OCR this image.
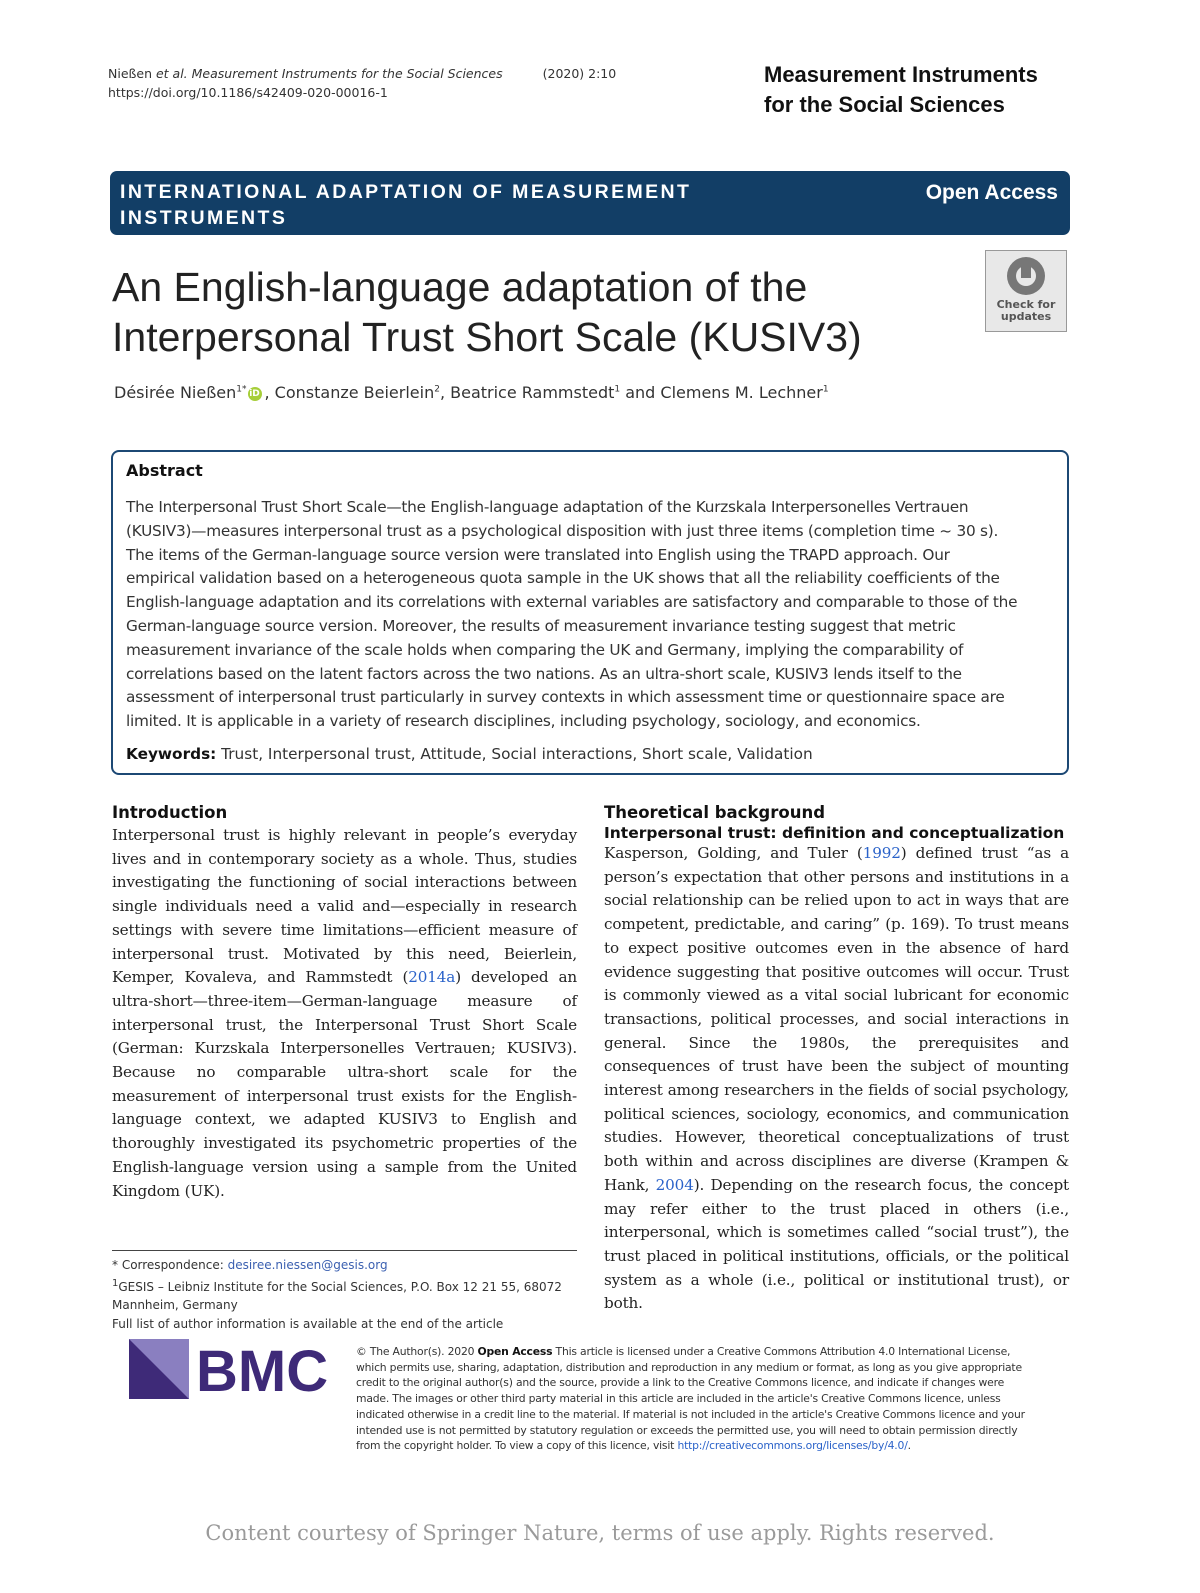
Nießen et al. Measurement Instruments for the Social Sciences	(2020) 2:10
https://doi.org/10.1186/s42409-020-00016-1
Measurement Instruments
for the Social Sciences
INTERNATIONAL ADAPTATION OF MEASUREMENT INSTRUMENTS
Open Access
An English-language adaptation of the
Interpersonal Trust Short Scale (KUSIV3)
Check for
updates
Désirée Nießen$^{1*}$ iD , Constanze Beierlein$^2$, Beatrice Rammstedt$^1$ and Clemens M. Lechner$^1$
Abstract
The Interpersonal Trust Short Scale—the English-language adaptation of the Kurzskala Interpersonelles Vertrauen
(KUSIV3)—measures interpersonal trust as a psychological disposition with just three items (completion time ~ 30 s).
The items of the German-language source version were translated into English using the TRAPD approach. Our
empirical validation based on a heterogeneous quota sample in the UK shows that all the reliability coefficients of the
English-language adaptation and its correlations with external variables are satisfactory and comparable to those of the
German-language source version. Moreover, the results of measurement invariance testing suggest that metric
measurement invariance of the scale holds when comparing the UK and Germany, implying the comparability of
correlations based on the latent factors across the two nations. As an ultra-short scale, KUSIV3 lends itself to the
assessment of interpersonal trust particularly in survey contexts in which assessment time or questionnaire space are
limited. It is applicable in a variety of research disciplines, including psychology, sociology, and economics.
Keywords: Trust, Interpersonal trust, Attitude, Social interactions, Short scale, Validation
Introduction
Interpersonal trust is highly relevant in people’s everyday lives and in contemporary society as a whole. Thus, studies investigating the functioning of social interactions between single individuals need a valid and—especially in research settings with severe time limitations—efficient measure of interpersonal trust. Motivated by this need, Beierlein, Kemper, Kovaleva, and Rammstedt (2014a) developed an ultra-short—three-item—German-language measure of interpersonal trust, the Interpersonal Trust Short Scale (German: Kurzskala Interpersonelles Vertrauen; KUSIV3). Because no comparable ultra-short scale for the measurement of interpersonal trust exists for the English-language context, we adapted KUSIV3 to English and thoroughly investigated its psychometric properties of the English-language version using a sample from the United Kingdom (UK).
Theoretical background
Interpersonal trust: definition and conceptualization
Kasperson, Golding, and Tuler (1992) defined trust “as a person’s expectation that other persons and institutions in a social relationship can be relied upon to act in ways that are competent, predictable, and caring” (p. 169). To trust means to expect positive outcomes even in the absence of hard evidence suggesting that positive outcomes will occur. Trust is commonly viewed as a vital social lubricant for economic transactions, political processes, and social interactions in general. Since the 1980s, the prerequisites and consequences of trust have been the subject of mounting interest among researchers in the fields of social psychology, political sciences, sociology, economics, and communication studies. However, theoretical conceptualizations of trust both within and across disciplines are diverse (Krampen & Hank, 2004). Depending on the research focus, the concept may refer either to the trust placed in others (i.e., interpersonal, which is sometimes called “social trust”), the trust placed in political institutions, officials, or the political system as a whole (i.e., political or institutional trust), or both.
* Correspondence: desiree.niessen@gesis.org
$^1$GESIS – Leibniz Institute for the Social Sciences, P.O. Box 12 21 55, 68072 Mannheim, Germany
Full list of author information is available at the end of the article
BMC	© The Author(s). 2020 Open Access This article is licensed under a Creative Commons Attribution 4.0 International License, which permits use, sharing, adaptation, distribution and reproduction in any medium or format, as long as you give appropriate credit to the original author(s) and the source, provide a link to the Creative Commons licence, and indicate if changes were made. The images or other third party material in this article are included in the article's Creative Commons licence, unless indicated otherwise in a credit line to the material. If material is not included in the article's Creative Commons licence and your intended use is not permitted by statutory regulation or exceeds the permitted use, you will need to obtain permission directly from the copyright holder. To view a copy of this licence, visit http://creativecommons.org/licenses/by/4.0/.
Content courtesy of Springer Nature, terms of use apply. Rights reserved.
